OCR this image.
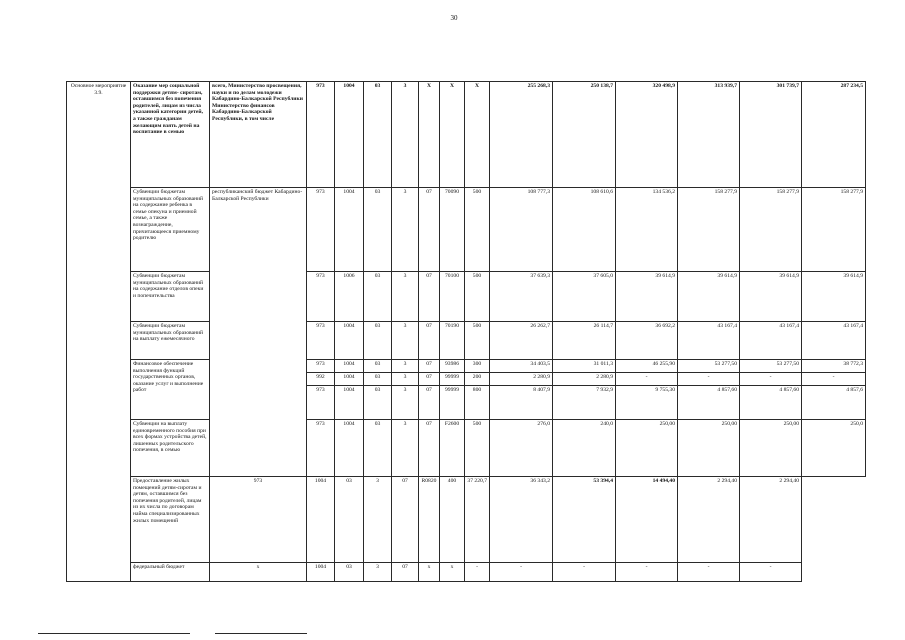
30
Основное мероприятие 3.9.	Оказание мер социальной поддержки детям- сиротам, оставшимся без попечения родителей, лицам из числа указанной категории детей, а также гражданам желающим взять детей на воспитание в семью	всего, Министерство просвещения, науки и по делам молодежи Кабардино-Балкарской Республики Министерство финансов Кабардино-Балкарской Республики, в том числе	973	1004	03	3	Х	Х	Х	255 268,3	250 138,7	320 498,9	313 939,7	301 739,7	287 234,5
	Субвенции бюджетам муниципальных образований на содержание ребенка в семье опекуна и приемной семье, а также вознаграждение, причитающееся приемному родителю	республиканский бюджет Кабардино-Балкарской Республики	973	1004	03	3	07	70090	500	108 777,3	108 610,6	134 536,2	158 277,9	158 277,9	158 277,9
	Субвенции бюджетам муниципальных образований на содержание отделов опеки и попечительства		973	1006	03	3	07	70100	500	37 639,3	37 605,0	39 614,9	39 614,9	39 614,9	39 614,9
	Субвенции бюджетам муниципальных образований на выплату ежемесячного		973	1004	03	3	07	70190	500	26 262,7	26 114,7	36 692,2	43 167,4	43 167,4	43 167,4
	Финансовое обеспечение выполнения функций государственных органов, оказание услуг и выполнение работ		973	1004	03	3	07	93986	300	34 403,5	31 011,3	46 255,90	53 277,50	53 277,50	38 772,3
			992	1004	03	3	07	99999	200	2 280,9	2 280,9	-	-	-	-
			973	1004	03	3	07	99999	800	8 407,9	7 932,9	9 755,30	4 857,60	4 857,60	4 857,6
	Субвенции на выплату единовременного пособия при всех формах устройства детей, лишенных родительского попечения, в семью		973	1004	03	3	07	F2600	500	276,0	240,0	250,00	250,00	250,00	250,0
	Предоставление жилых помещений детям-сиротам и детям, оставшимся без попечения родителей, лицам из их числа по договорам найма специализированных жилых помещений	973	1004	03	3	07	R0820	400	37 220,7	36 343,2	53 394,4	14 494,40	2 294,40	2 294,40	
	федеральный бюджет	х	1004	03	3	07	х	х	-	-	-	-	-	-	
